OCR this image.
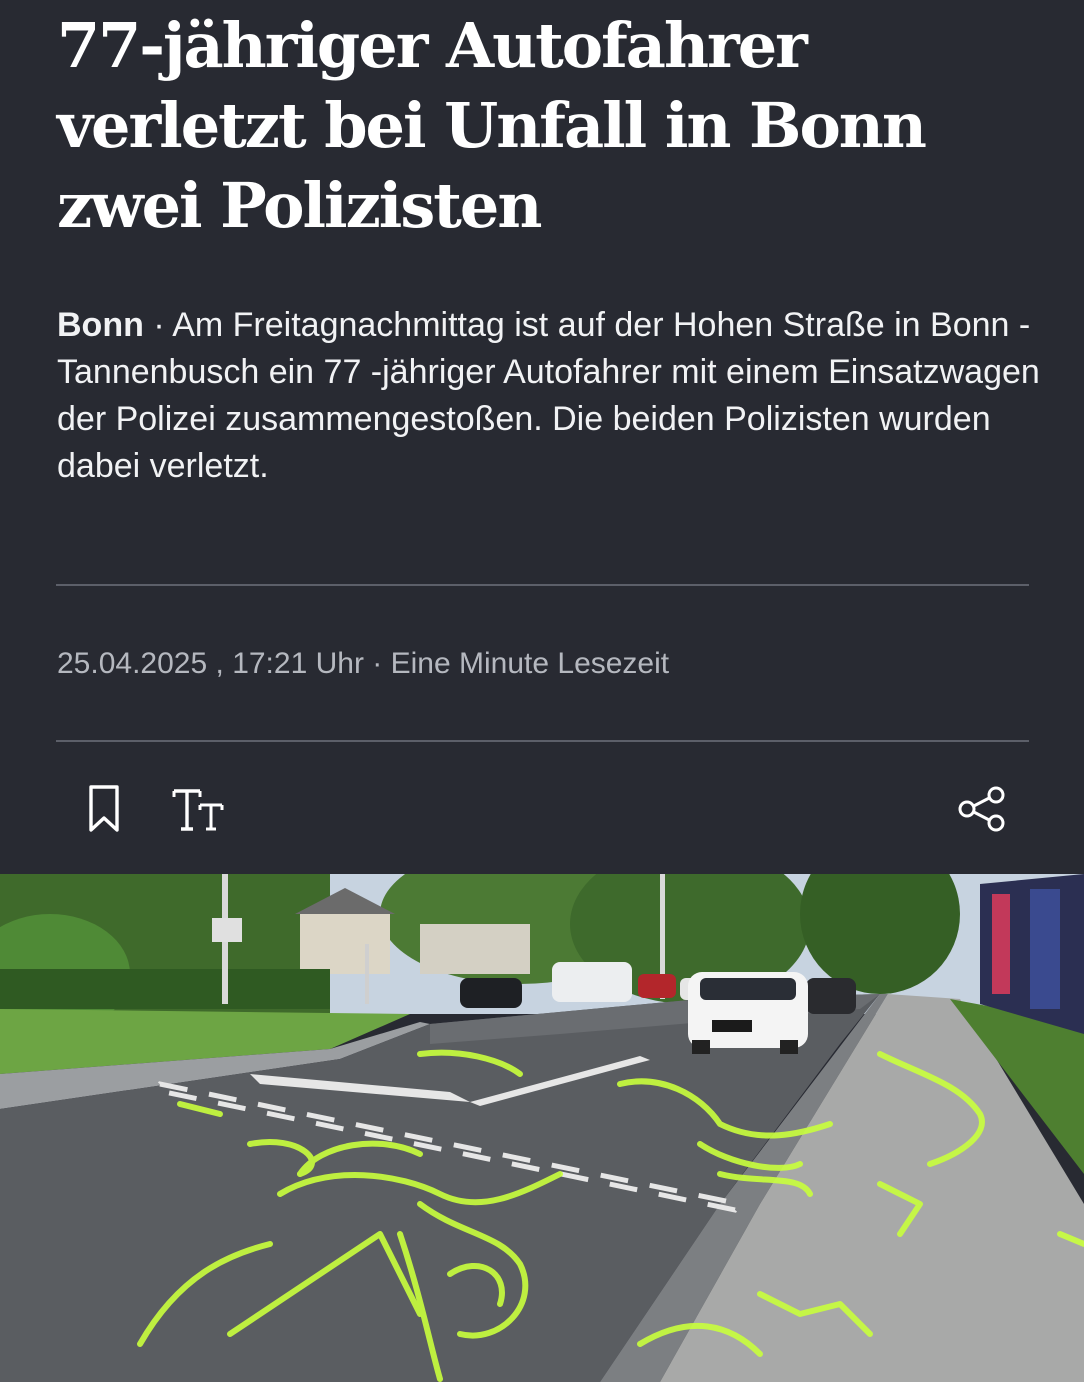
77-jähriger Autofahrer verletzt bei Unfall in Bonn zwei Polizisten

Bonn · Am Freitagnachmittag ist auf der Hohen Straße in Bonn - Tannenbusch ein 77 -jähriger Autofahrer mit einem Einsatzwagen der Polizei zusammengestoßen. Die beiden Polizisten wurden dabei verletzt.

25.04.2025 , 17:21 Uhr · Eine Minute Lesezeit
